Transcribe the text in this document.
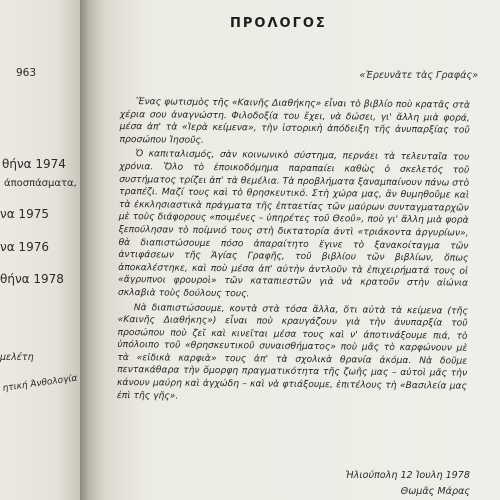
963
θήνα 1974
άποσπάσματα,
να 1975
να 1976
θήνα 1978
μελέτη
ητική Άνθολογία
ΠΡΟΛΟΓΟΣ
«Έρευνᾶτε τὰς Γραφάς»

Ἕνας φωτισμὸς τῆς «Καινῆς Διαθήκης» εἶναι τὸ βιβλίο ποὺ κρατᾶς στὰ χέρια σου ἀναγνώστη. Φιλοδοξία του ἔχει, νὰ δώσει, γι' ἄλλη μιὰ φορά, μέσα ἀπ' τὰ «Ἱερὰ κείμενα», τὴν ἱστορικὴ ἀπόδειξη τῆς ἀνυπαρξίας τοῦ προσώπου Ἰησοῦς.

Ὁ καπιταλισμός, σὰν κοινωνικὸ σύστημα, περνάει τὰ τελευταῖα του χρόνια. Ὅλο τὸ ἐποικοδόμημα παραπαίει καθὼς ὁ σκελετός τοῦ συστήματος τρίζει ἀπ' τὰ θεμέλια. Τὰ προβλήματα ξαναμπαίνουν πάνω στὸ τραπέζι. Μαζί τους καὶ τὸ θρησκευτικό. Στὴ χώρα μας, ἂν θυμηθοῦμε καὶ τὰ ἐκκλησιαστικὰ πράγματα τῆς ἑπταετίας τῶν μαύρων συνταγματαρχῶν μὲ τοὺς διάφορους «ποιμένες – ὑπηρέτες τοῦ Θεοῦ», ποὺ γι' ἄλλη μιὰ φορὰ ξεπούλησαν τὸ ποίμνιό τους στὴ δικτατορία ἀντὶ «τριάκοντα ἀργυρίων», θὰ διαπιστώσουμε πόσο ἀπαραίτητο ἔγινε τὸ ξανακοίταγμα τῶν ἀντιφάσεων τῆς Ἁγίας Γραφῆς, τοῦ βιβλίου τῶν βιβλίων, ὅπως ἀποκαλέστηκε, καὶ ποὺ μέσα ἀπ' αὐτὴν ἀντλοῦν τὰ ἐπιχειρήματά τους οἱ «ἄγρυπνοι φρουροὶ» τῶν καταπιεστῶν γιὰ νὰ κρατοῦν στὴν αἰώνια σκλαβιὰ τοὺς δούλους τους.

Νὰ διαπιστώσουμε, κοντὰ στὰ τόσα ἄλλα, ὅτι αὐτὰ τὰ κείμενα (τῆς «Καινῆς Διαθήκης») εἶναι ποὺ κραυγάζουν γιὰ τὴν ἀνυπαρξία τοῦ προσώπου ποὺ ζεῖ καὶ κινεῖται μέσα τους καὶ ν' ἀποτινάξουμε πιά, τὸ ὑπόλοιπο τοῦ «θρησκευτικοῦ συναισθήματος» ποὺ μᾶς τὸ καρφώνουν μὲ τὰ «εἰδικὰ καρφιὰ» τους ἀπ' τὰ σχολικὰ θρανία ἀκόμα. Νὰ δοῦμε πεντακάθαρα τὴν ὄμορφη πραγματικότητα τῆς ζωῆς μας – αὐτοὶ μᾶς τὴν κάνουν μαύρη καὶ ἀγχώδη – καὶ νὰ φτιάξουμε, ἐπιτέλους τὴ «Βασιλεία μας ἐπὶ τῆς γῆς».

Ἡλιούπολη 12 Ἰουλη 1978
Θωμᾶς Μάρας
